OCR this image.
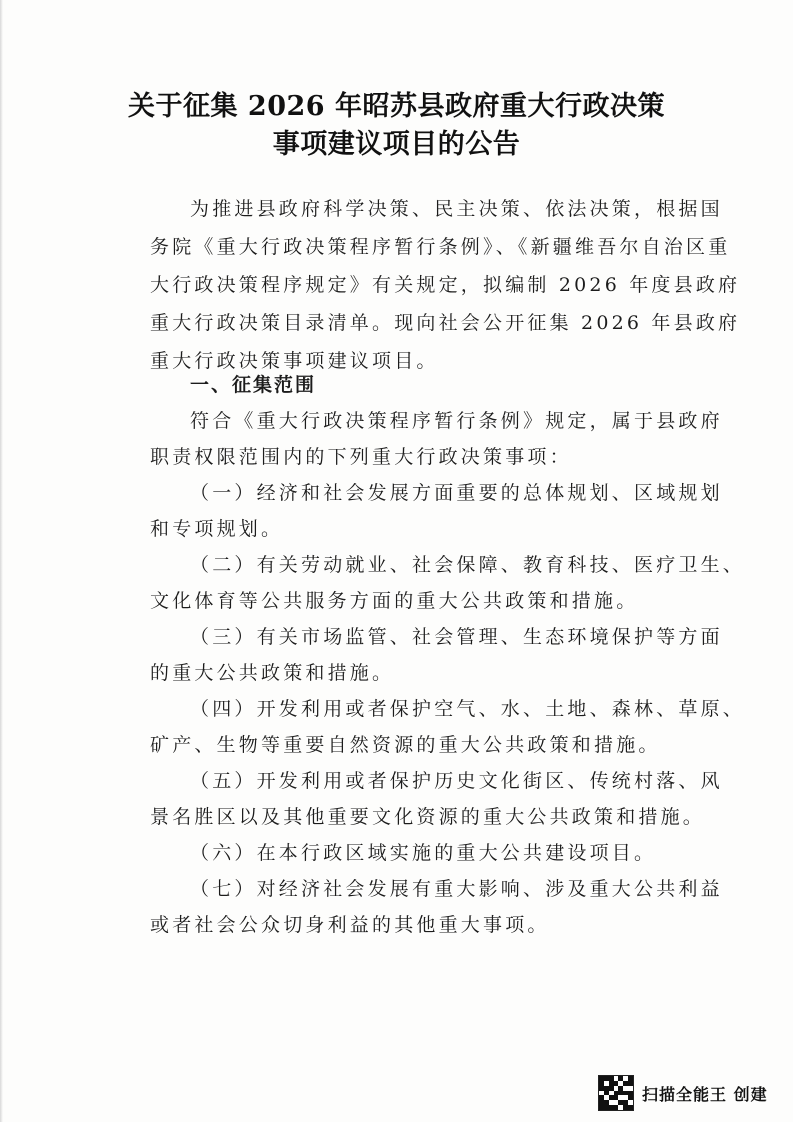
关于征集 2026 年昭苏县政府重大行政决策
事项建议项目的公告
为推进县政府科学决策、民主决策、依法决策，根据国
务院《重大行政决策程序暂行条例》、《新疆维吾尔自治区重
大行政决策程序规定》有关规定，拟编制 2026 年度县政府
重大行政决策目录清单。现向社会公开征集 2026 年县政府
重大行政决策事项建议项目。
一、征集范围
符合《重大行政决策程序暂行条例》规定，属于县政府
职责权限范围内的下列重大行政决策事项：
（一）经济和社会发展方面重要的总体规划、区域规划
和专项规划。
（二）有关劳动就业、社会保障、教育科技、医疗卫生、
文化体育等公共服务方面的重大公共政策和措施。
（三）有关市场监管、社会管理、生态环境保护等方面
的重大公共政策和措施。
（四）开发利用或者保护空气、水、土地、森林、草原、
矿产、生物等重要自然资源的重大公共政策和措施。
（五）开发利用或者保护历史文化街区、传统村落、风
景名胜区以及其他重要文化资源的重大公共政策和措施。
（六）在本行政区域实施的重大公共建设项目。
（七）对经济社会发展有重大影响、涉及重大公共利益
或者社会公众切身利益的其他重大事项。
扫描全能王 创建
